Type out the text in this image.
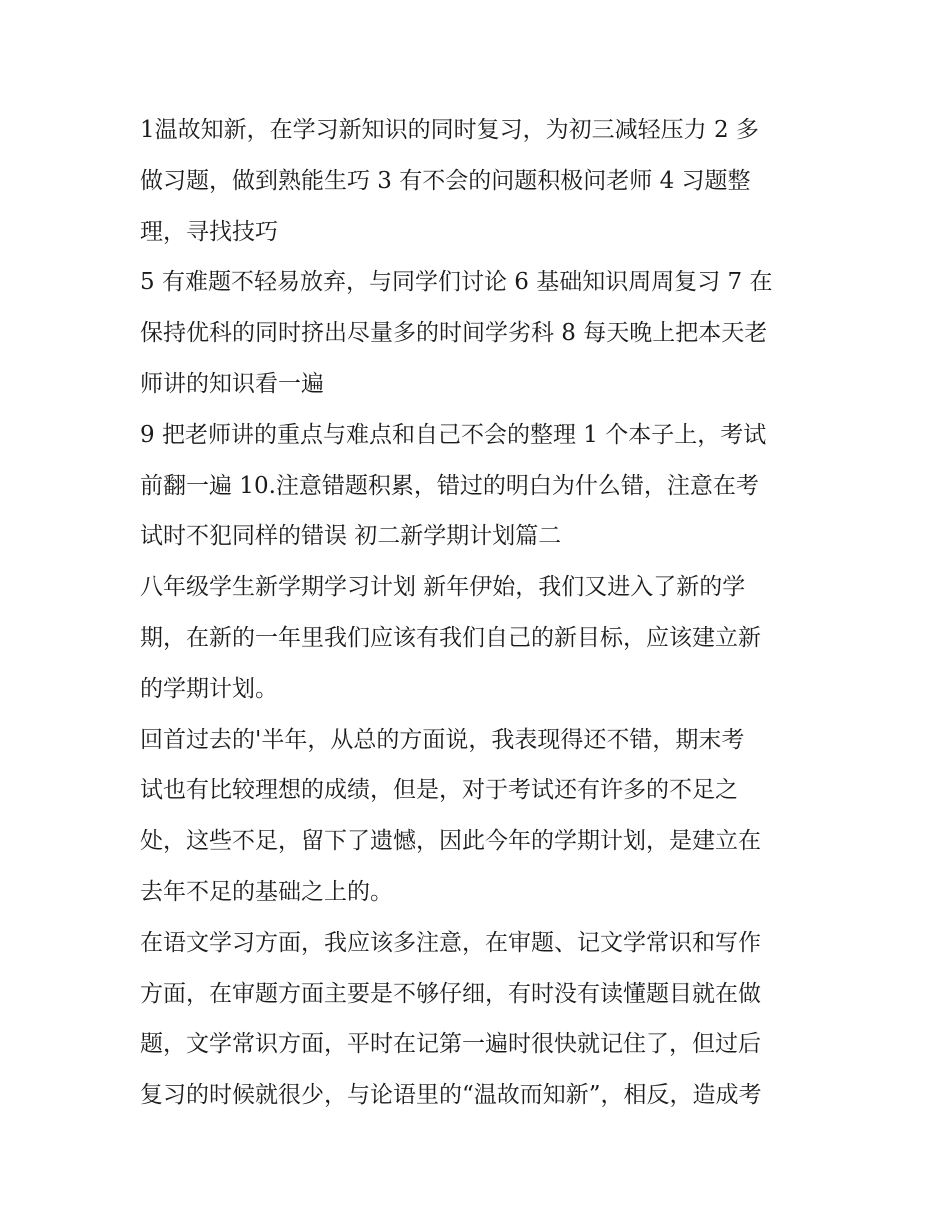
1温故知新，在学习新知识的同时复习，为初三减轻压力 2 多
做习题，做到熟能生巧 3 有不会的问题积极问老师 4 习题整
理，寻找技巧

5 有难题不轻易放弃，与同学们讨论 6 基础知识周周复习 7 在
保持优科的同时挤出尽量多的时间学劣科 8 每天晚上把本天老
师讲的知识看一遍

9 把老师讲的重点与难点和自己不会的整理 1 个本子上，考试
前翻一遍 10.注意错题积累，错过的明白为什么错，注意在考
试时不犯同样的错误 初二新学期计划篇二

八年级学生新学期学习计划 新年伊始，我们又进入了新的学
期，在新的一年里我们应该有我们自己的新目标，应该建立新
的学期计划。

回首过去的'半年，从总的方面说，我表现得还不错，期末考
试也有比较理想的成绩，但是，对于考试还有许多的不足之
处，这些不足，留下了遗憾，因此今年的学期计划，是建立在
去年不足的基础之上的。

在语文学习方面，我应该多注意，在审题、记文学常识和写作
方面，在审题方面主要是不够仔细，有时没有读懂题目就在做
题，文学常识方面，平时在记第一遍时很快就记住了，但过后
复习的时候就很少，与论语里的“温故而知新”，相反，造成考
